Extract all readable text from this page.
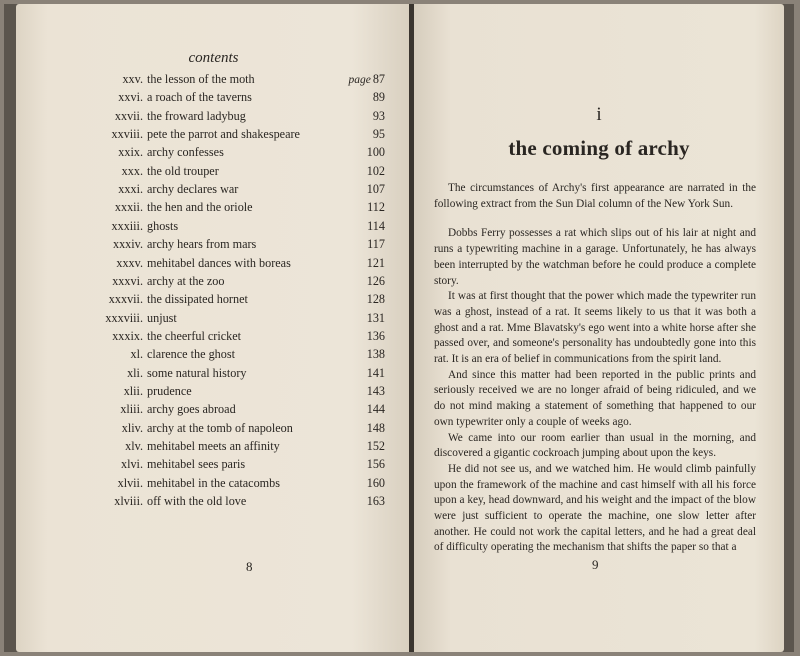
contents
xxv. the lesson of the moth	page 87
xxvi. a roach of the taverns	89
xxvii. the froward ladybug	93
xxviii. pete the parrot and shakespeare	95
xxix. archy confesses	100
xxx. the old trouper	102
xxxi. archy declares war	107
xxxii. the hen and the oriole	112
xxxiii. ghosts	114
xxxiv. archy hears from mars	117
xxxv. mehitabel dances with boreas	121
xxxvi. archy at the zoo	126
xxxvii. the dissipated hornet	128
xxxviii. unjust	131
xxxix. the cheerful cricket	136
xl. clarence the ghost	138
xli. some natural history	141
xlii. prudence	143
xliii. archy goes abroad	144
xliv. archy at the tomb of napoleon	148
xlv. mehitabel meets an affinity	152
xlvi. mehitabel sees paris	156
xlvii. mehitabel in the catacombs	160
xlviii. off with the old love	163
8
i
the coming of archy

The circumstances of Archy's first appearance are narrated in the following extract from the Sun Dial column of the New York Sun.

Dobbs Ferry possesses a rat which slips out of his lair at night and runs a typewriting machine in a garage. Unfortunately, he has always been interrupted by the watchman before he could produce a complete story.

It was at first thought that the power which made the typewriter run was a ghost, instead of a rat. It seems likely to us that it was both a ghost and a rat. Mme Blavatsky's ego went into a white horse after she passed over, and someone's personality has undoubtedly gone into this rat. It is an era of belief in communications from the spirit land.

And since this matter had been reported in the public prints and seriously received we are no longer afraid of being ridiculed, and we do not mind making a statement of something that happened to our own typewriter only a couple of weeks ago.

We came into our room earlier than usual in the morning, and discovered a gigantic cockroach jumping about upon the keys.

He did not see us, and we watched him. He would climb painfully upon the framework of the machine and cast himself with all his force upon a key, head downward, and his weight and the impact of the blow were just sufficient to operate the machine, one slow letter after another. He could not work the capital letters, and he had a great deal of difficulty operating the mechanism that shifts the paper so that a

9
